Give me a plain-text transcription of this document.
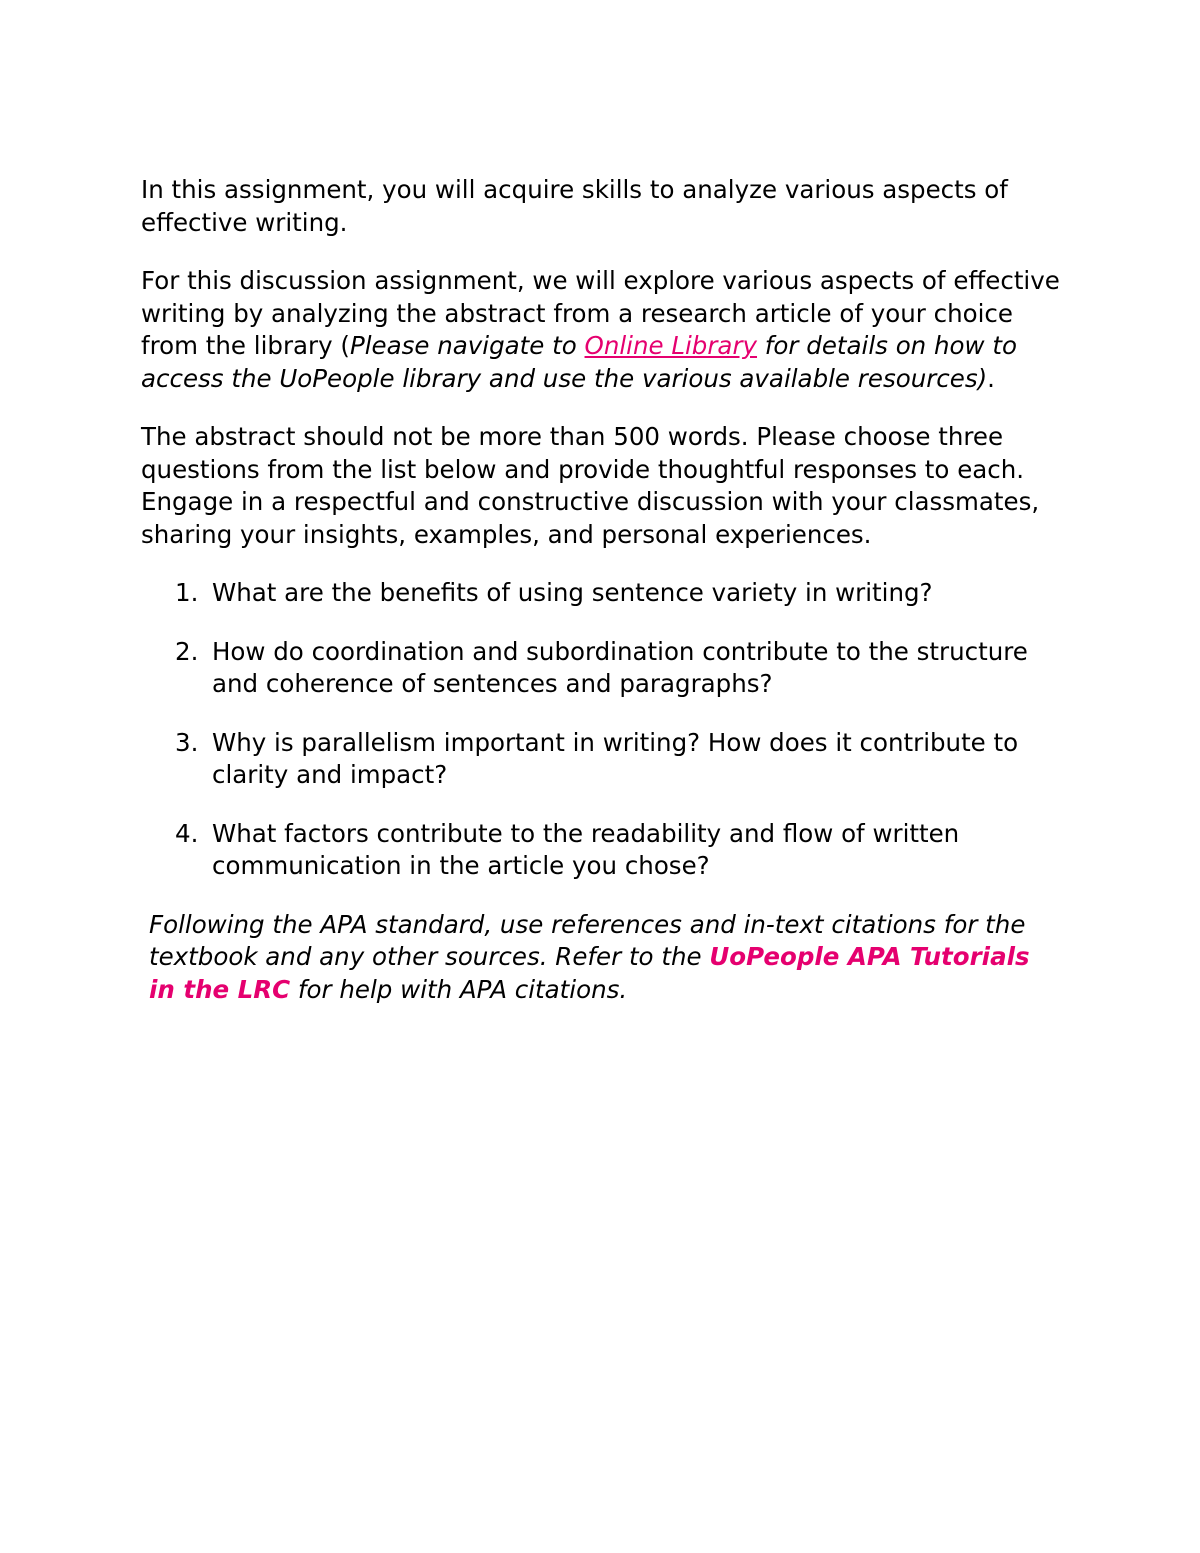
In this assignment, you will acquire skills to analyze various aspects of effective writing.

For this discussion assignment, we will explore various aspects of effective writing by analyzing the abstract from a research article of your choice from the library (Please navigate to Online Library for details on how to access the UoPeople library and use the various available resources).

The abstract should not be more than 500 words. Please choose three questions from the list below and provide thoughtful responses to each. Engage in a respectful and constructive discussion with your classmates, sharing your insights, examples, and personal experiences.

1. What are the benefits of using sentence variety in writing?
2. How do coordination and subordination contribute to the structure and coherence of sentences and paragraphs?
3. Why is parallelism important in writing? How does it contribute to clarity and impact?
4. What factors contribute to the readability and flow of written communication in the article you chose?

Following the APA standard, use references and in-text citations for the textbook and any other sources. Refer to the UoPeople APA Tutorials in the LRC for help with APA citations.
